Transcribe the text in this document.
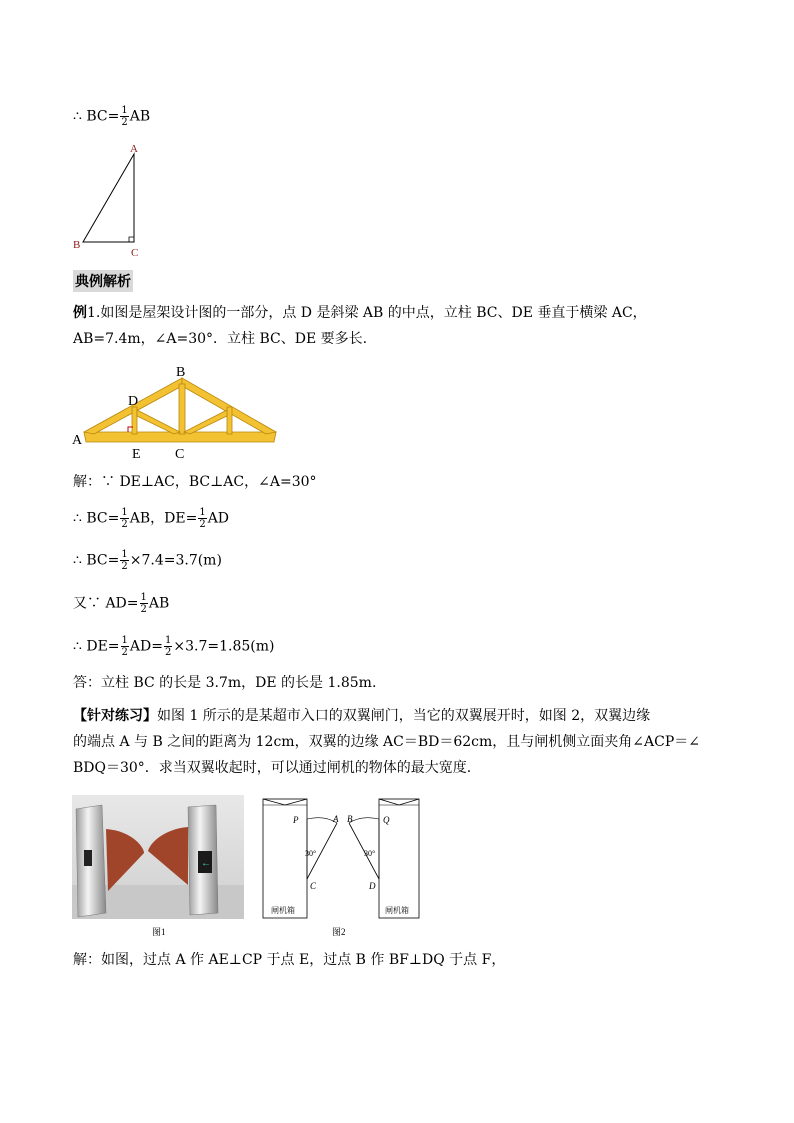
∴ $BC= \frac{1}{2}$ AB
A
B
C
典例解析
例1.如图是屋架设计图的一部分，点 D 是斜梁 AB 的中点，立柱 BC、DE 垂直于横梁 AC，
AB=7.4m，∠A=30°．立柱 BC、DE 要多长.
B
D
A
E C
解：∵ DE⊥AC，BC⊥AC，∠A=30°
∴ $BC= \frac{1}{2}$ AB，$DE= \frac{1}{2}$ AD
∴ $BC= \frac{1}{2} \times 7.4=3.7(m)$
又∵ $AD= \frac{1}{2}$ AB
∴ $DE= \frac{1}{2} AD= \frac{1}{2} \times 3.7=1.85(m)$
答：立柱 BC 的长是 3.7m，DE 的长是 1.85m.
【针对练习】如图 1 所示的是某超市入口的双翼闸门，当它的双翼展开时，如图 2，双翼边缘
的端点 A 与 B 之间的距离为 12cm，双翼的边缘 AC＝BD＝62cm，且与闸机侧立面夹角∠ACP＝∠
BDQ＝30°．求当双翼收起时，可以通过闸机的物体的最大宽度.
←
图1
P	A B	Q
C	D
30°	30°
闸机箱	闸机箱
图2
解：如图，过点 A 作 AE⊥CP 于点 E，过点 B 作 BF⊥DQ 于点 F，
